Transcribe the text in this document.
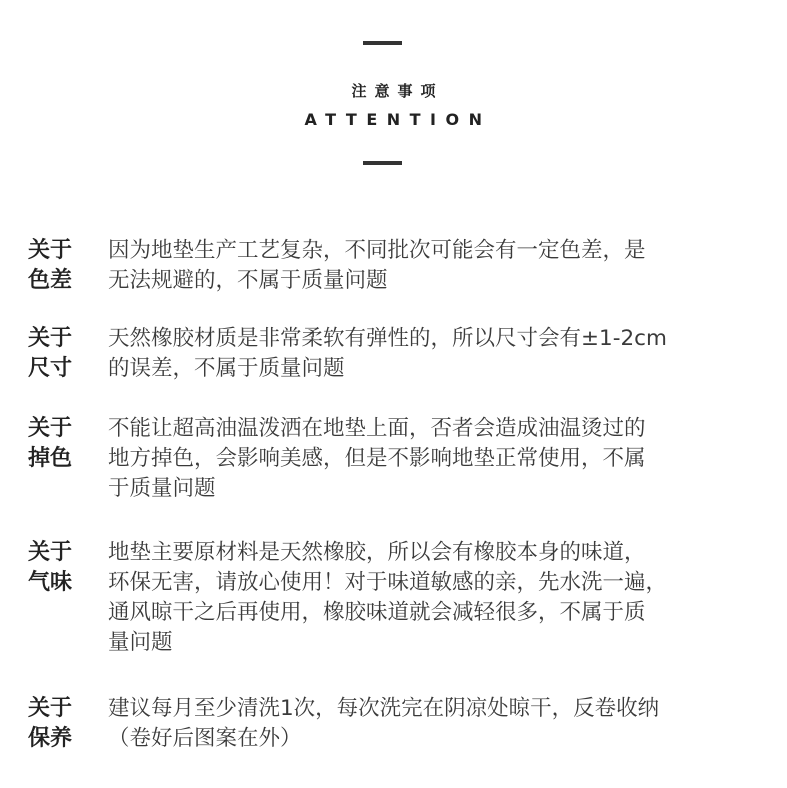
注意事项
ATTENTION
关于
色差
因为地垫生产工艺复杂，不同批次可能会有一定色差，是
无法规避的，不属于质量问题
关于
尺寸
天然橡胶材质是非常柔软有弹性的，所以尺寸会有±1-2cm
的误差，不属于质量问题
关于
掉色
不能让超高油温泼洒在地垫上面，否者会造成油温烫过的
地方掉色，会影响美感，但是不影响地垫正常使用，不属
于质量问题
关于
气味
地垫主要原材料是天然橡胶，所以会有橡胶本身的味道，
环保无害，请放心使用！对于味道敏感的亲，先水洗一遍，
通风晾干之后再使用，橡胶味道就会减轻很多，不属于质
量问题
关于
保养
建议每月至少清洗1次，每次洗完在阴凉处晾干，反卷收纳
（卷好后图案在外）
